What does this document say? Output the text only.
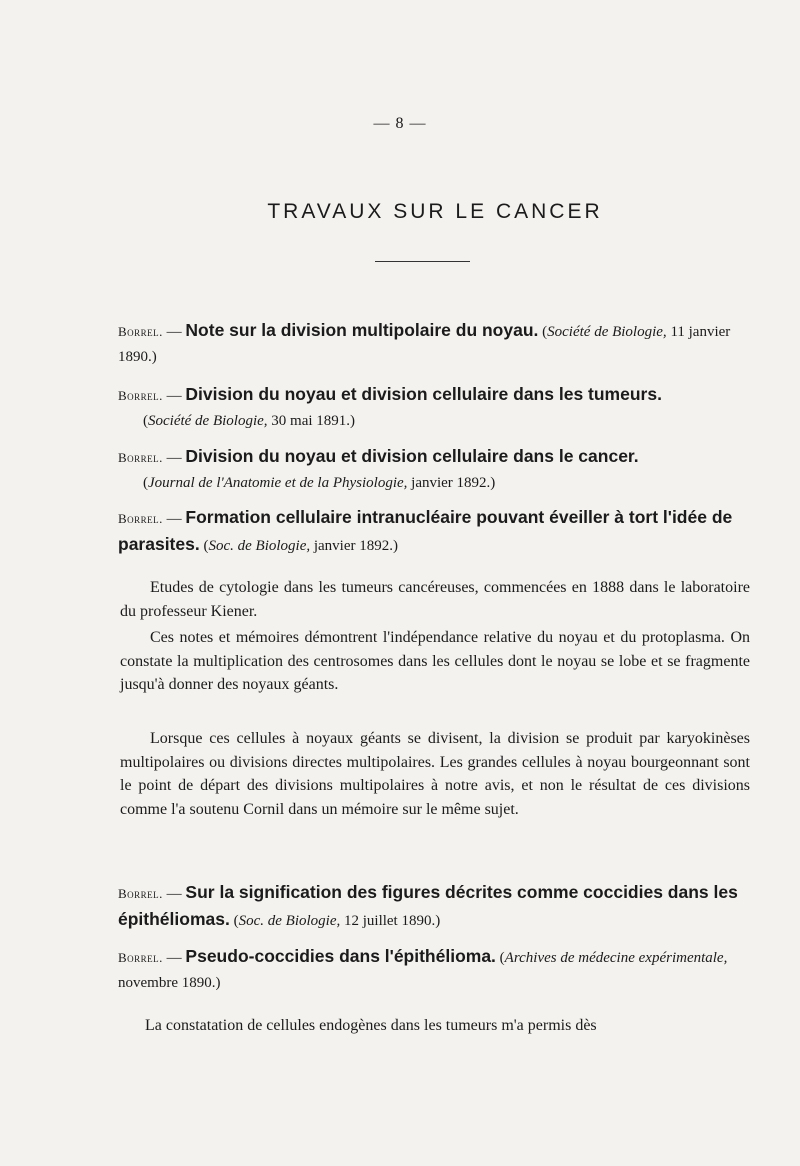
— 8 —
TRAVAUX SUR LE CANCER
Borrel. — Note sur la division multipolaire du noyau. (Société de Biologie, 11 janvier 1890.)
Borrel. — Division du noyau et division cellulaire dans les tumeurs.
(Société de Biologie, 30 mai 1891.)
Borrel. — Division du noyau et division cellulaire dans le cancer.
(Journal de l'Anatomie et de la Physiologie, janvier 1892.)
Borrel. — Formation cellulaire intranucléaire pouvant éveiller à tort l'idée de parasites. (Soc. de Biologie, janvier 1892.)
Etudes de cytologie dans les tumeurs cancéreuses, commencées en 1888 dans le laboratoire du professeur Kiener.
Ces notes et mémoires démontrent l'indépendance relative du noyau et du protoplasma. On constate la multiplication des centrosomes dans les cellules dont le noyau se lobe et se fragmente jusqu'à donner des noyaux géants.
Lorsque ces cellules à noyaux géants se divisent, la division se produit par karyokinèses multipolaires ou divisions directes multipolaires. Les grandes cellules à noyau bourgeonnant sont le point de départ des divisions multipolaires à notre avis, et non le résultat de ces divisions comme l'a soutenu Cornil dans un mémoire sur le même sujet.
Borrel. — Sur la signification des figures décrites comme coccidies dans les épithéliomas. (Soc. de Biologie, 12 juillet 1890.)
Borrel. — Pseudo-coccidies dans l'épithélioma. (Archives de médecine expérimentale, novembre 1890.)
La constatation de cellules endogènes dans les tumeurs m'a permis dès
